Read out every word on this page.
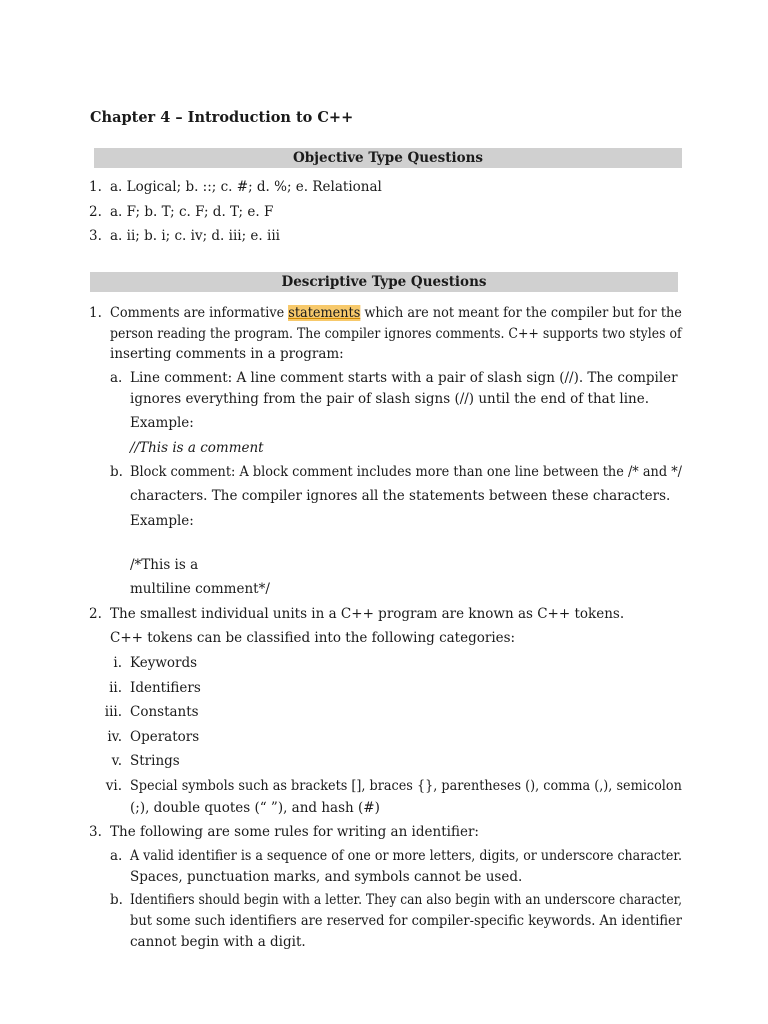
Chapter 4 – Introduction to C++
Objective Type Questions
1. a. Logical; b. ::; c. #; d. %; e. Relational
2. a. F; b. T; c. F; d. T; e. F
3. a. ii; b. i; c. iv; d. iii; e. iii
Descriptive Type Questions
1. Comments are informative statements which are not meant for the compiler but for the
person reading the program. The compiler ignores comments. C++ supports two styles of
inserting comments in a program:
a. Line comment: A line comment starts with a pair of slash sign (//). The compiler
ignores everything from the pair of slash signs (//) until the end of that line.
Example:
//This is a comment
b. Block comment: A block comment includes more than one line between the /* and */
characters. The compiler ignores all the statements between these characters.
Example:
/*This is a
multiline comment*/
2. The smallest individual units in a C++ program are known as C++ tokens.
C++ tokens can be classified into the following categories:
i. Keywords
ii. Identifiers
iii. Constants
iv. Operators
v. Strings
vi. Special symbols such as brackets [], braces {}, parentheses (), comma (,), semicolon
(;), double quotes (“ ”), and hash (#)
3. The following are some rules for writing an identifier:
a. A valid identifier is a sequence of one or more letters, digits, or underscore character.
Spaces, punctuation marks, and symbols cannot be used.
b. Identifiers should begin with a letter. They can also begin with an underscore character,
but some such identifiers are reserved for compiler-specific keywords. An identifier
cannot begin with a digit.
